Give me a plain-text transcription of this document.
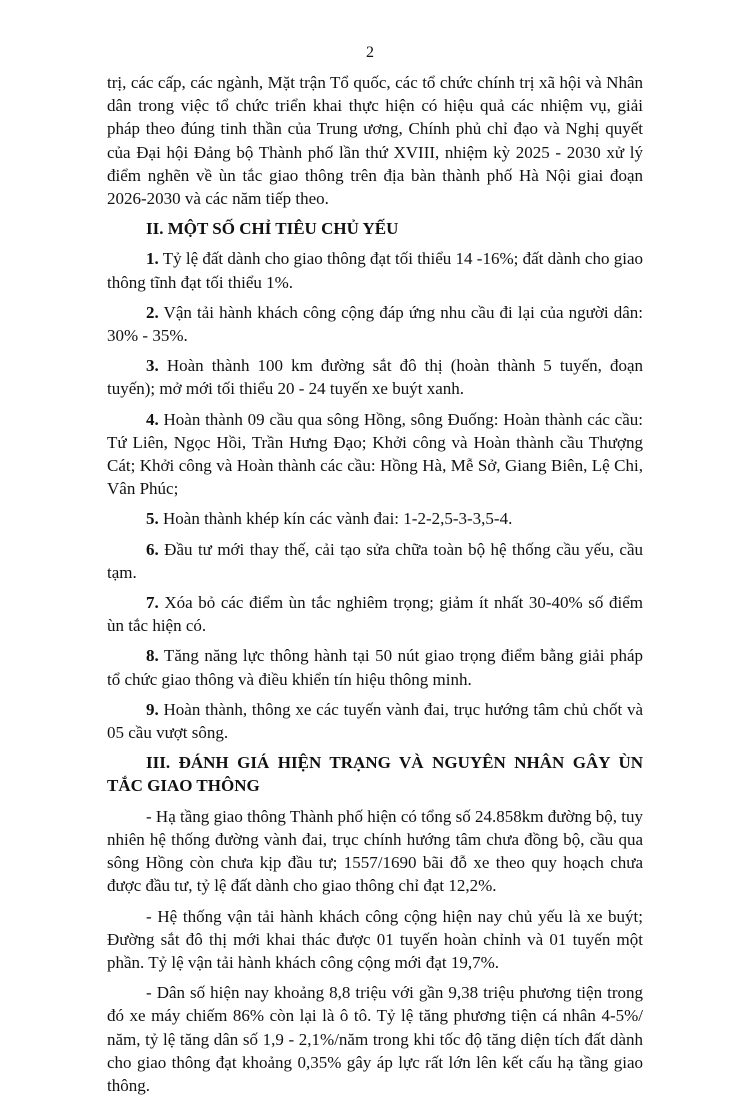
2

trị, các cấp, các ngành, Mặt trận Tổ quốc, các tổ chức chính trị xã hội và Nhân dân trong việc tổ chức triển khai thực hiện có hiệu quả các nhiệm vụ, giải pháp theo đúng tinh thần của Trung ương, Chính phủ chỉ đạo và Nghị quyết của Đại hội Đảng bộ Thành phố lần thứ XVIII, nhiệm kỳ 2025 - 2030 xử lý điểm nghẽn về ùn tắc giao thông trên địa bàn thành phố Hà Nội giai đoạn 2026-2030 và các năm tiếp theo.

II. MỘT SỐ CHỈ TIÊU CHỦ YẾU

1. Tỷ lệ đất dành cho giao thông đạt tối thiểu 14 -16%; đất dành cho giao thông tĩnh đạt tối thiểu 1%.

2. Vận tải hành khách công cộng đáp ứng nhu cầu đi lại của người dân: 30% - 35%.

3. Hoàn thành 100 km đường sắt đô thị (hoàn thành 5 tuyến, đoạn tuyến); mở mới tối thiểu 20 - 24 tuyến xe buýt xanh.

4. Hoàn thành 09 cầu qua sông Hồng, sông Đuống: Hoàn thành các cầu: Tứ Liên, Ngọc Hồi, Trần Hưng Đạo; Khởi công và Hoàn thành cầu Thượng Cát; Khởi công và Hoàn thành các cầu: Hồng Hà, Mễ Sở, Giang Biên, Lệ Chi, Vân Phúc;

5. Hoàn thành khép kín các vành đai: 1-2-2,5-3-3,5-4.

6. Đầu tư mới thay thế, cải tạo sửa chữa toàn bộ hệ thống cầu yếu, cầu tạm.

7. Xóa bỏ các điểm ùn tắc nghiêm trọng; giảm ít nhất 30-40% số điểm ùn tắc hiện có.

8. Tăng năng lực thông hành tại 50 nút giao trọng điểm bằng giải pháp tổ chức giao thông và điều khiển tín hiệu thông minh.

9. Hoàn thành, thông xe các tuyến vành đai, trục hướng tâm chủ chốt và 05 cầu vượt sông.

III. ĐÁNH GIÁ HIỆN TRẠNG VÀ NGUYÊN NHÂN GÂY ÙN TẮC GIAO THÔNG

- Hạ tầng giao thông Thành phố hiện có tổng số 24.858km đường bộ, tuy nhiên hệ thống đường vành đai, trục chính hướng tâm chưa đồng bộ, cầu qua sông Hồng còn chưa kịp đầu tư; 1557/1690 bãi đỗ xe theo quy hoạch chưa được đầu tư, tỷ lệ đất dành cho giao thông chỉ đạt 12,2%.

- Hệ thống vận tải hành khách công cộng hiện nay chủ yếu là xe buýt; Đường sắt đô thị mới khai thác được 01 tuyến hoàn chỉnh và 01 tuyến một phần. Tỷ lệ vận tải hành khách công cộng mới đạt 19,7%.

- Dân số hiện nay khoảng 8,8 triệu với gần 9,38 triệu phương tiện trong đó xe máy chiếm 86% còn lại là ô tô. Tỷ lệ tăng phương tiện cá nhân 4-5%/ năm, tỷ lệ tăng dân số 1,9 - 2,1%/năm trong khi tốc độ tăng diện tích đất dành cho giao thông đạt khoảng 0,35% gây áp lực rất lớn lên kết cấu hạ tầng giao thông.
